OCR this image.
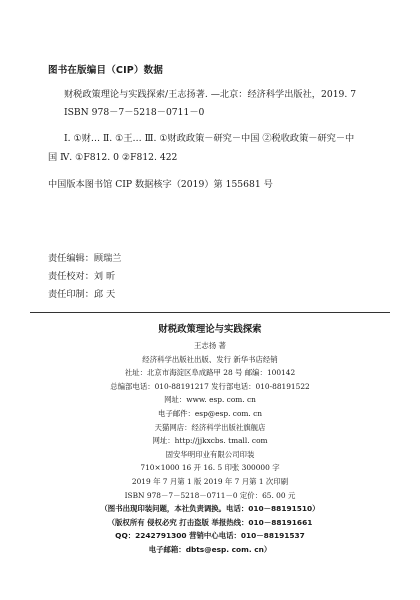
图书在版编目（CIP）数据
财税政策理论与实践探索/王志扬著. —北京：经济科学出版社，2019. 7
ISBN 978－7－5218－0711－0
Ⅰ. ①财… Ⅱ. ①王… Ⅲ. ①财政政策－研究－中国 ②税收政策－研究－中
国 Ⅳ. ①F812. 0 ②F812. 422
中国版本图书馆 CIP 数据核字（2019）第 155681 号
责任编辑：顾瑞兰
责任校对：刘 昕
责任印制：邱 天
财税政策理论与实践探索
王志扬 著
经济科学出版社出版、发行 新华书店经销
社址：北京市海淀区阜成路甲 28 号 邮编：100142
总编部电话：010-88191217 发行部电话：010-88191522
网址：www. esp. com. cn
电子邮件：esp@esp. com. cn
天猫网店：经济科学出版社旗舰店
网址：http://jjkxcbs. tmall. com
固安华明印业有限公司印装
710×1000 16 开 16. 5 印张 300000 字
2019 年 7 月第 1 版 2019 年 7 月第 1 次印刷
ISBN 978－7－5218－0711－0 定价：65. 00 元
（图书出现印装问题，本社负责调换。电话：010－88191510）
（版权所有 侵权必究 打击盗版 举报热线：010－88191661
QQ：2242791300 营销中心电话：010－88191537
电子邮箱：dbts@esp. com. cn）
